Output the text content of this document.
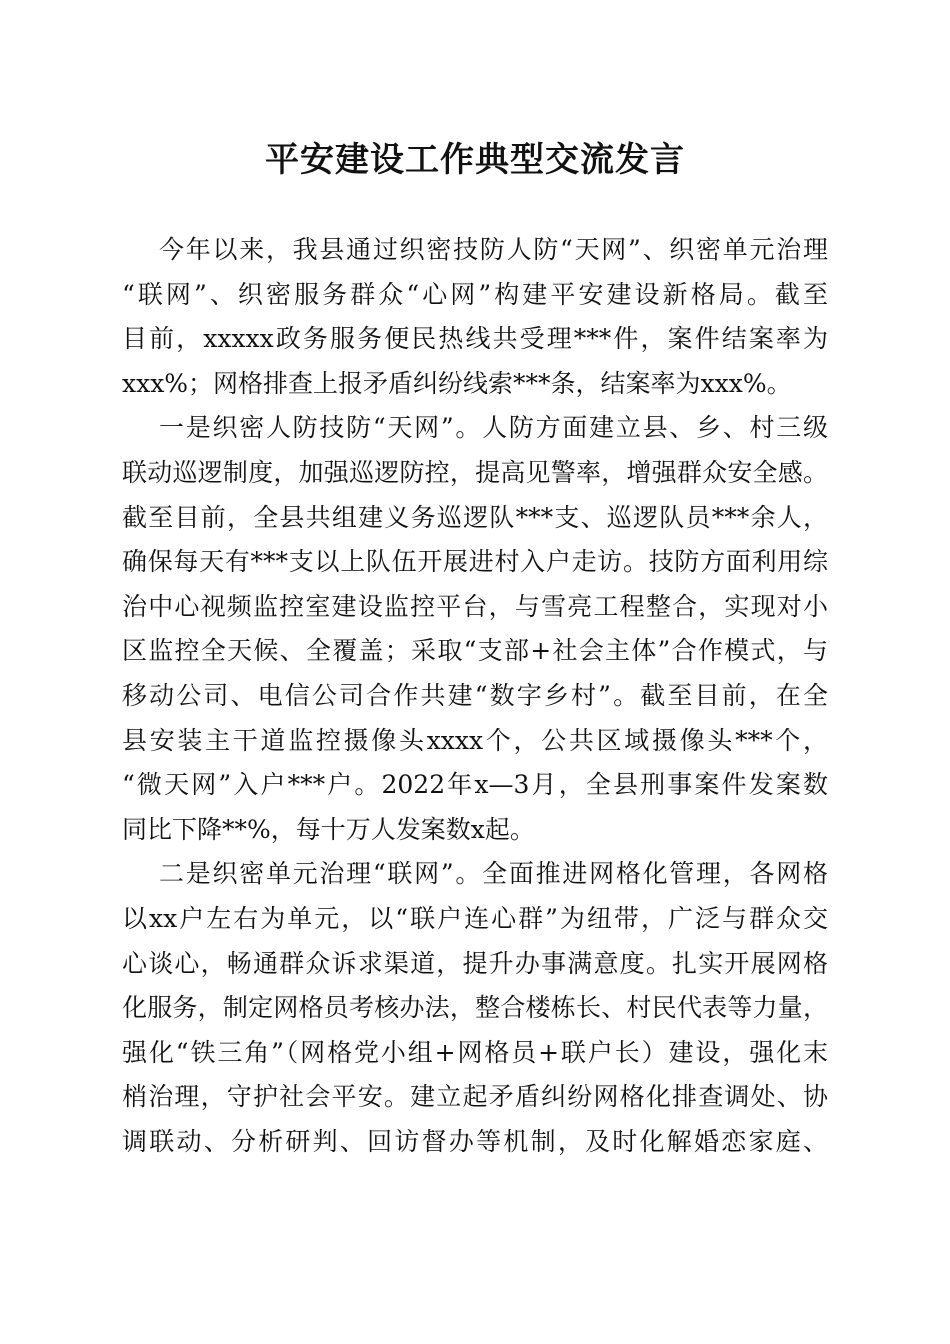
平安建设工作典型交流发言
今年以来，我县通过织密技防人防“天网”、织密单元治理
“联网”、织密服务群众“心网”构建平安建设新格局。截至
目前，xxxxx政务服务便民热线共受理***件，案件结案率为
xxx%；网格排查上报矛盾纠纷线索***条，结案率为xxx%。
一是织密人防技防“天网”。人防方面建立县、乡、村三级
联动巡逻制度，加强巡逻防控，提高见警率，增强群众安全感。
截至目前，全县共组建义务巡逻队***支、巡逻队员***余人，
确保每天有***支以上队伍开展进村入户走访。技防方面利用综
治中心视频监控室建设监控平台，与雪亮工程整合，实现对小
区监控全天候、全覆盖；采取“支部+社会主体”合作模式，与
移动公司、电信公司合作共建“数字乡村”。截至目前，在全
县安装主干道监控摄像头xxxx个，公共区域摄像头***个，
“微天网”入户***户。2022年x—3月，全县刑事案件发案数
同比下降**%，每十万人发案数x起。
二是织密单元治理“联网”。全面推进网格化管理，各网格
以xx户左右为单元，以“联户连心群”为纽带，广泛与群众交
心谈心，畅通群众诉求渠道，提升办事满意度。扎实开展网格
化服务，制定网格员考核办法，整合楼栋长、村民代表等力量，
强化“铁三角”（网格党小组+网格员+联户长）建设，强化末
梢治理，守护社会平安。建立起矛盾纠纷网格化排查调处、协
调联动、分析研判、回访督办等机制，及时化解婚恋家庭、
